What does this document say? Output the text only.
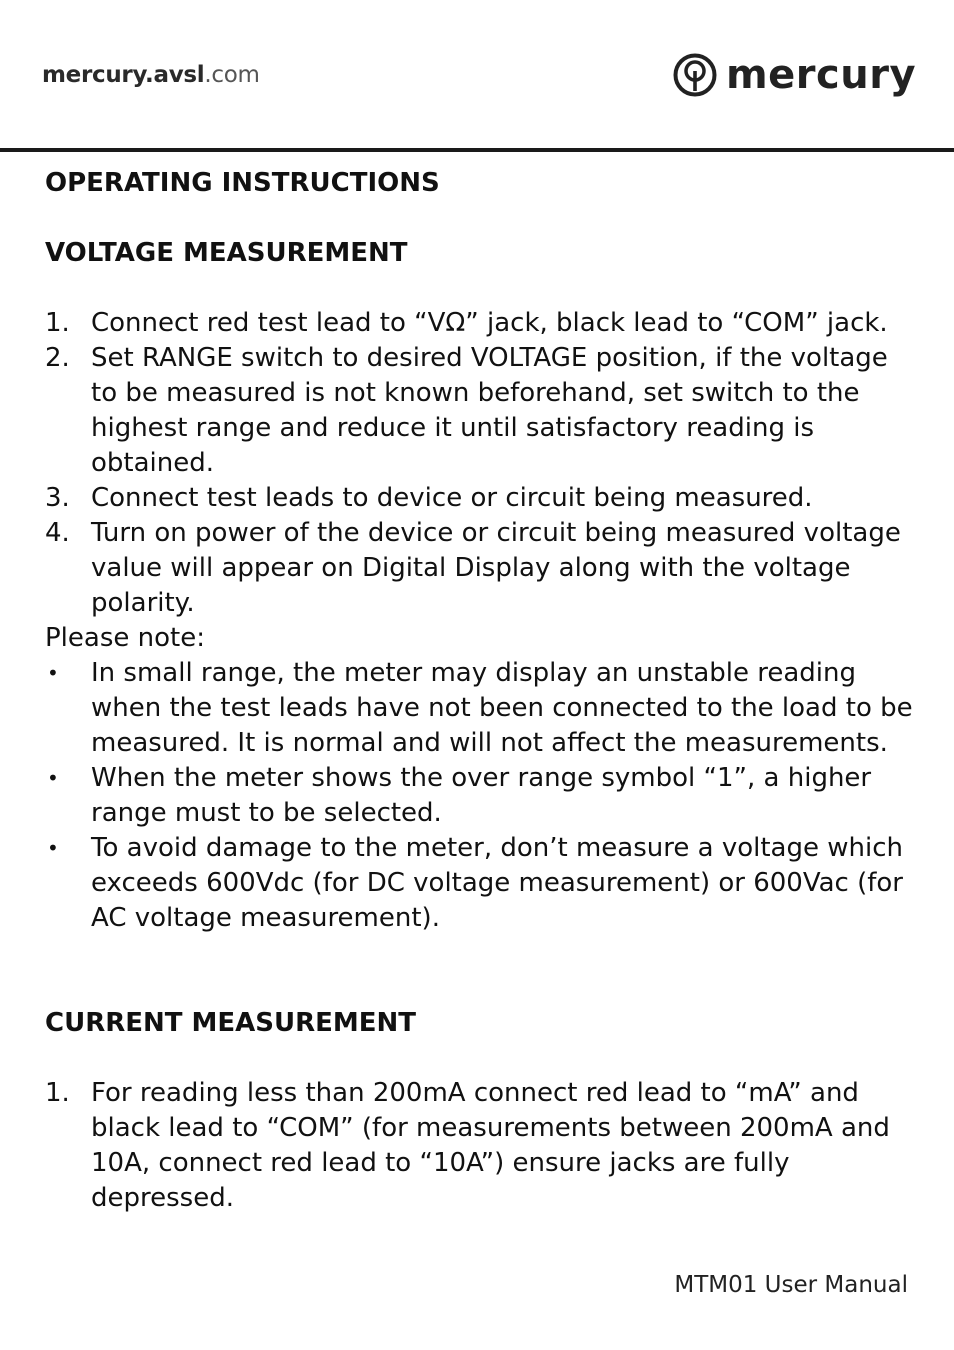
mercury.avsl.com	mercury
OPERATING INSTRUCTIONS
VOLTAGE MEASUREMENT
1. Connect red test lead to “VΩ” jack, black lead to “COM” jack.
2. Set RANGE switch to desired VOLTAGE position, if the voltage to be measured is not known beforehand, set switch to the highest range and reduce it until satisfactory reading is obtained.
3. Connect test leads to device or circuit being measured.
4. Turn on power of the device or circuit being measured voltage value will appear on Digital Display along with the voltage polarity.
Please note:
•	In small range, the meter may display an unstable reading when the test leads have not been connected to the load to be measured. It is normal and will not affect the measurements.
•	When the meter shows the over range symbol “1”, a higher range must to be selected.
•	To avoid damage to the meter, don’t measure a voltage which exceeds 600Vdc (for DC voltage measurement) or 600Vac (for AC voltage measurement).
CURRENT MEASUREMENT
1. For reading less than 200mA connect red lead to “mA” and black lead to “COM” (for measurements between 200mA and 10A, connect red lead to “10A”) ensure jacks are fully depressed.
MTM01 User Manual
